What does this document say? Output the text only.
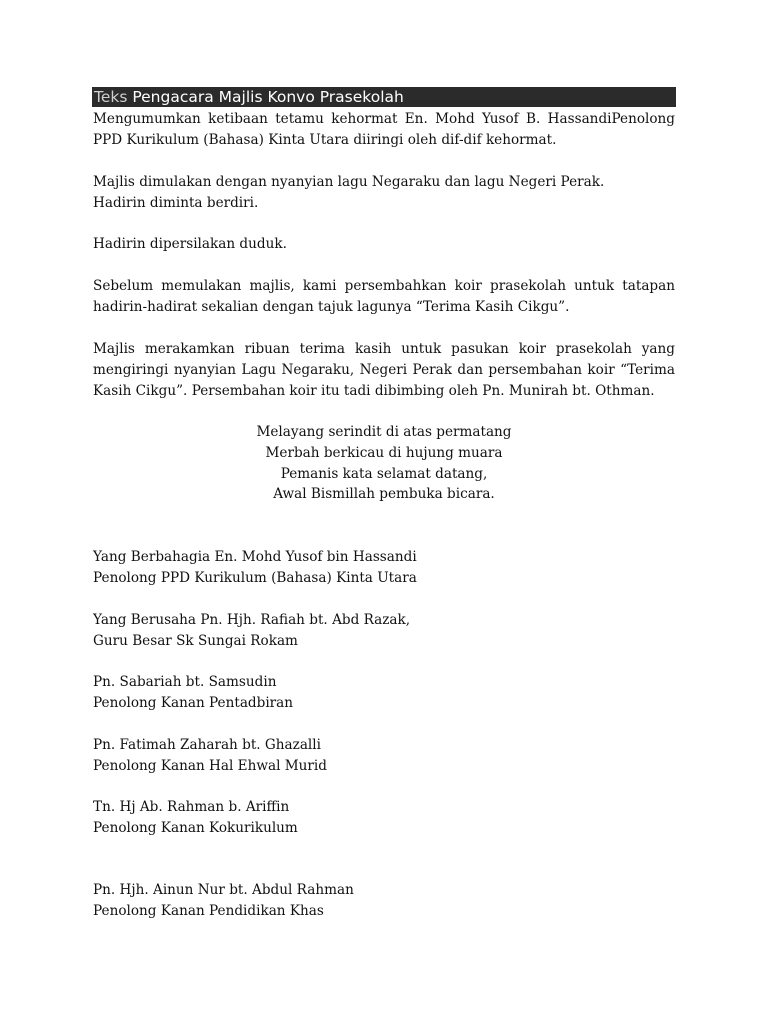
Teks Pengacara Majlis Konvo Prasekolah
Mengumumkan ketibaan tetamu kehormat En. Mohd Yusof B. HassandiPenolong
PPD Kurikulum (Bahasa) Kinta Utara diiringi oleh dif-dif kehormat.
Majlis dimulakan dengan nyanyian lagu Negaraku dan lagu Negeri Perak.
Hadirin diminta berdiri.
Hadirin dipersilakan duduk.
Sebelum memulakan majlis, kami persembahkan koir prasekolah untuk tatapan
hadirin-hadirat sekalian dengan tajuk lagunya “Terima Kasih Cikgu”.
Majlis merakamkan ribuan terima kasih untuk pasukan koir prasekolah yang
mengiringi nyanyian Lagu Negaraku, Negeri Perak dan persembahan koir “Terima
Kasih Cikgu”. Persembahan koir itu tadi dibimbing oleh Pn. Munirah bt. Othman.
Melayang serindit di atas permatang
Merbah berkicau di hujung muara
Pemanis kata selamat datang,
Awal Bismillah pembuka bicara.
Yang Berbahagia En. Mohd Yusof bin Hassandi
Penolong PPD Kurikulum (Bahasa) Kinta Utara
Yang Berusaha Pn. Hjh. Rafiah bt. Abd Razak,
Guru Besar Sk Sungai Rokam
Pn. Sabariah bt. Samsudin
Penolong Kanan Pentadbiran
Pn. Fatimah Zaharah bt. Ghazalli
Penolong Kanan Hal Ehwal Murid
Tn. Hj Ab. Rahman b. Ariffin
Penolong Kanan Kokurikulum
Pn. Hjh. Ainun Nur bt. Abdul Rahman
Penolong Kanan Pendidikan Khas
